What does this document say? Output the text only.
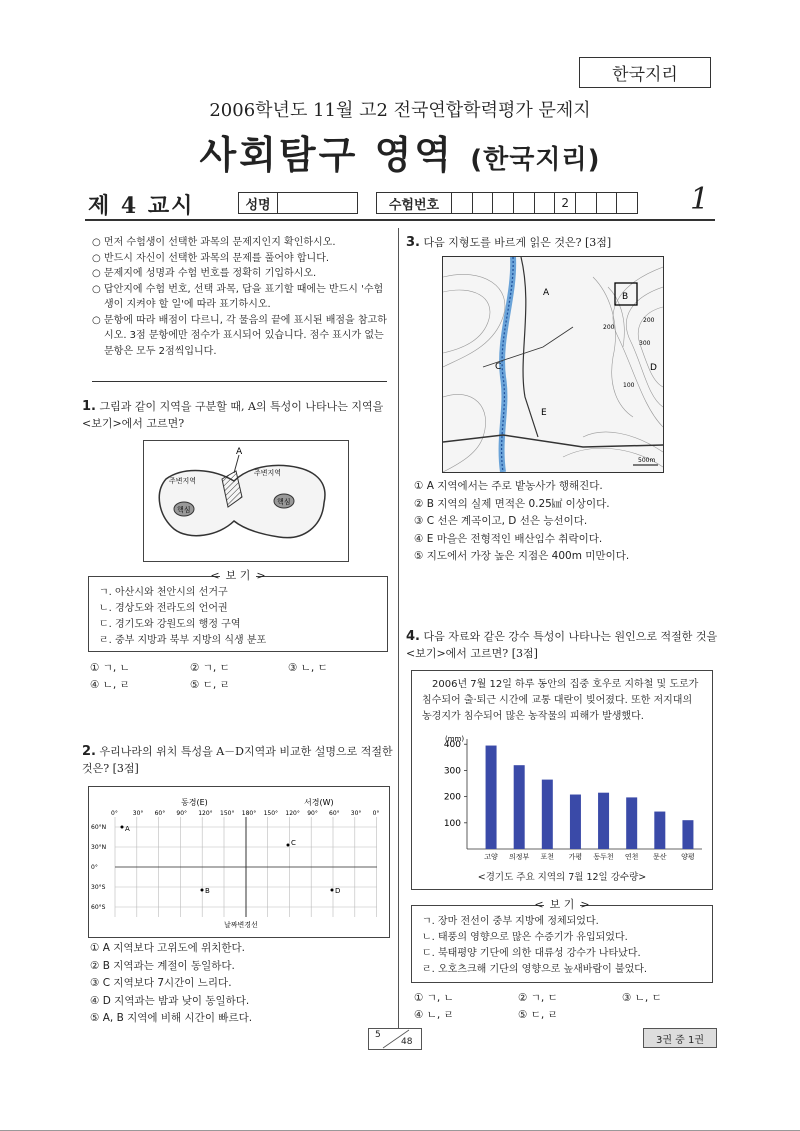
한국지리
2006학년도 11월 고2 전국연합학력평가 문제지
사회탐구 영역 (한국지리)
제 4 교시	성명	수험번호	2	1
○ 먼저 수험생이 선택한 과목의 문제지인지 확인하시오.
○ 반드시 자신이 선택한 과목의 문제를 풀어야 합니다.
○ 문제지에 성명과 수험 번호를 정확히 기입하시오.
○ 답안지에 수험 번호, 선택 과목, 답을 표기할 때에는 반드시 '수험생이 지켜야 할 일'에 따라 표기하시오.
○ 문항에 따라 배점이 다르니, 각 물음의 끝에 표시된 배점을 참고하시오. 3점 문항에만 점수가 표시되어 있습니다. 점수 표시가 없는 문항은 모두 2점씩입니다.
1. 그림과 같이 지역을 구분할 때, A의 특성이 나타나는 지역을 <보기>에서 고르면?
A
주변지역
주변지역
핵심
핵심
< 보 기 >
ㄱ. 아산시와 천안시의 선거구
ㄴ. 경상도와 전라도의 언어권
ㄷ. 경기도와 강원도의 행정 구역
ㄹ. 중부 지방과 북부 지방의 식생 분포
① ㄱ, ㄴ	② ㄱ, ㄷ	③ ㄴ, ㄷ
④ ㄴ, ㄹ	⑤ ㄷ, ㄹ
2. 우리나라의 위치 특성을 A－D지역과 비교한 설명으로 적절한 것은? [3점]
동경(E)	서경(W)
0° 30° 60° 90° 120° 150° 180° 150° 120° 90° 60° 30° 0°
60°N
30°N
0°
30°S
60°S
A
B
C
D
날짜변경선
① A 지역보다 고위도에 위치한다.
② B 지역과는 계절이 동일하다.
③ C 지역보다 7시간이 느리다.
④ D 지역과는 밤과 낮이 동일하다.
⑤ A, B 지역에 비해 시간이 빠르다.
3. 다음 지형도를 바르게 읽은 것은? [3점]
A	B
C	D
E
200
200
300
100
500m
① A 지역에서는 주로 밭농사가 행해진다.
② B 지역의 실제 면적은 0.25㎢ 이상이다.
③ C 선은 계곡이고, D 선은 능선이다.
④ E 마을은 전형적인 배산임수 취락이다.
⑤ 지도에서 가장 높은 지점은 400m 미만이다.
4. 다음 자료와 같은 강수 특성이 나타나는 원인으로 적절한 것을 <보기>에서 고르면? [3점]
2006년 7월 12일 하루 동안의 집중 호우로 지하철 및 도로가 침수되어 출·퇴근 시간에 교통 대란이 빚어졌다. 또한 저지대의 농경지가 침수되어 많은 농작물의 피해가 발생했다.
(mm)
100
200
300
400
고양 의정부 포천 가평 동두천 연천 문산 양평
<경기도 주요 지역의 7월 12일 강수량>
< 보 기 >
ㄱ. 장마 전선이 중부 지방에 정체되었다.
ㄴ. 태풍의 영향으로 많은 수증기가 유입되었다.
ㄷ. 북태평양 기단에 의한 대류성 강수가 나타났다.
ㄹ. 오호츠크해 기단의 영향으로 높새바람이 불었다.
① ㄱ, ㄴ	② ㄱ, ㄷ	③ ㄴ, ㄷ
④ ㄴ, ㄹ	⑤ ㄷ, ㄹ
5
48	3권 중 1권
